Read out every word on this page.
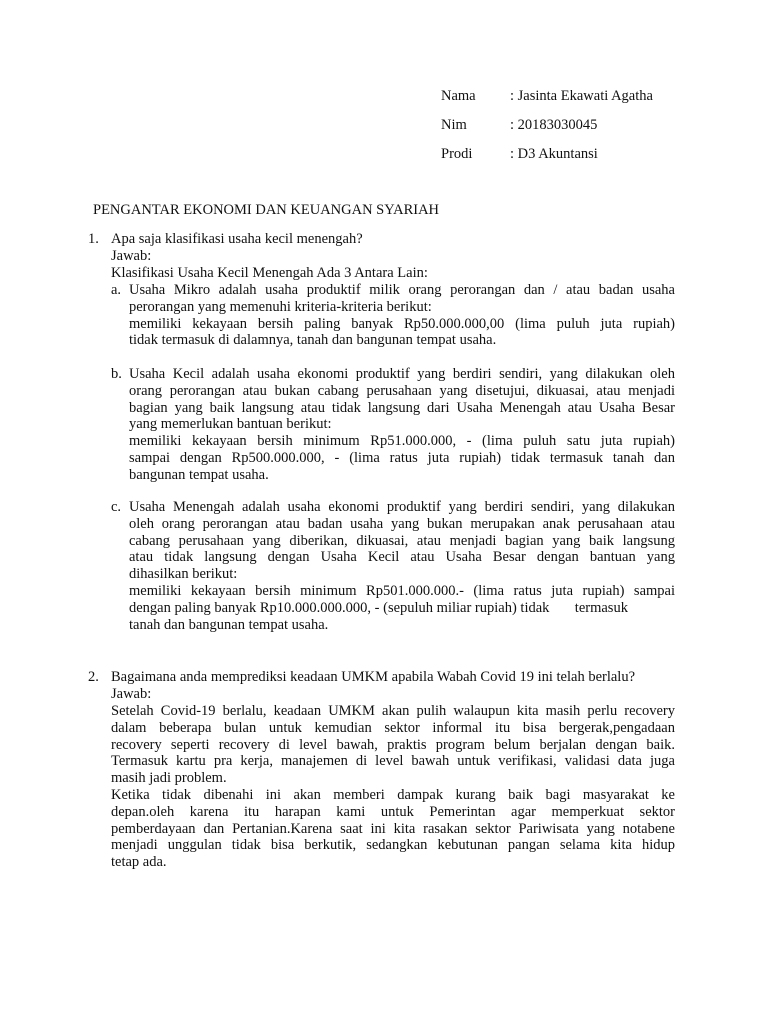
Nama : Jasinta Ekawati Agatha
Nim	: 20183030045
Prodi	: D3 Akuntansi
PENGANTAR EKONOMI DAN KEUANGAN SYARIAH
1. Apa saja klasifikasi usaha kecil menengah?
Jawab:
Klasifikasi Usaha Kecil Menengah Ada 3 Antara Lain:
a. Usaha Mikro adalah usaha produktif milik orang perorangan dan / atau badan usaha
perorangan yang memenuhi kriteria-kriteria berikut:
memiliki kekayaan bersih paling banyak Rp50.000.000,00 (lima puluh juta rupiah)
tidak termasuk di dalamnya, tanah dan bangunan tempat usaha.
b. Usaha Kecil adalah usaha ekonomi produktif yang berdiri sendiri, yang dilakukan oleh
orang perorangan atau bukan cabang perusahaan yang disetujui, dikuasai, atau menjadi
bagian yang baik langsung atau tidak langsung dari Usaha Menengah atau Usaha Besar
yang memerlukan bantuan berikut:
memiliki kekayaan bersih minimum Rp51.000.000, - (lima puluh satu juta rupiah)
sampai dengan Rp500.000.000, - (lima ratus juta rupiah) tidak termasuk tanah dan
bangunan tempat usaha.
c. Usaha Menengah adalah usaha ekonomi produktif yang berdiri sendiri, yang dilakukan
oleh orang perorangan atau badan usaha yang bukan merupakan anak perusahaan atau
cabang perusahaan yang diberikan, dikuasai, atau menjadi bagian yang baik langsung
atau tidak langsung dengan Usaha Kecil atau Usaha Besar dengan bantuan yang
dihasilkan berikut:
memiliki kekayaan bersih minimum Rp501.000.000.- (lima ratus juta rupiah) sampai
dengan paling banyak Rp10.000.000.000, - (sepuluh miliar rupiah) tidak       termasuk
tanah dan bangunan tempat usaha.
2. Bagaimana anda memprediksi keadaan UMKM apabila Wabah Covid 19 ini telah berlalu?
Jawab:
Setelah Covid-19 berlalu, keadaan UMKM akan pulih walaupun kita masih perlu recovery
dalam beberapa bulan untuk kemudian sektor informal itu bisa bergerak,pengadaan
recovery seperti recovery di level bawah, praktis program belum berjalan dengan baik.
Termasuk kartu pra kerja, manajemen di level bawah untuk verifikasi, validasi data juga
masih jadi problem.
Ketika tidak dibenahi ini akan memberi dampak kurang baik bagi masyarakat ke
depan.oleh karena itu harapan kami untuk Pemerintan agar memperkuat sektor
pemberdayaan dan Pertanian.Karena saat ini kita rasakan sektor Pariwisata yang notabene
menjadi unggulan tidak bisa berkutik, sedangkan kebutunan pangan selama kita hidup
tetap ada.
